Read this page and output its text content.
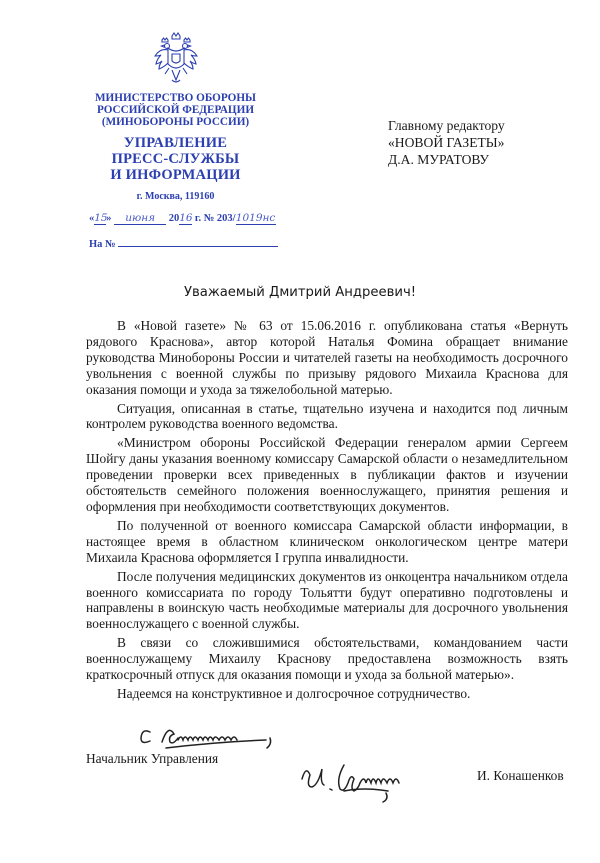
МИНИСТЕРСТВО ОБОРОНЫ
РОССИЙСКОЙ ФЕДЕРАЦИИ
(МИНОБОРОНЫ РОССИИ)
УПРАВЛЕНИЕ
ПРЕСС-СЛУЖБЫ
И ИНФОРМАЦИИ
г. Москва, 119160
«15» июня 2016 г. № 203/1019нс
На №
Главному редактору
«НОВОЙ ГАЗЕТЫ»
Д.А. МУРАТОВУ
Уважаемый Дмитрий Андреевич!

В «Новой газете» № 63 от 15.06.2016 г. опубликована статья «Вернуть рядового Краснова», автор которой Наталья Фомина обращает внимание руководства Минобороны России и читателей газеты на необходимость досрочного увольнения с военной службы по призыву рядового Михаила Краснова для оказания помощи и ухода за тяжелобольной матерью.

Ситуация, описанная в статье, тщательно изучена и находится под личным контролем руководства военного ведомства.

«Министром обороны Российской Федерации генералом армии Сергеем Шойгу даны указания военному комиссару Самарской области о незамедлительном проведении проверки всех приведенных в публикации фактов и изучении обстоятельств семейного положения военнослужащего, принятия решения и оформления при необходимости соответствующих документов.

По полученной от военного комиссара Самарской области информации, в настоящее время в областном клиническом онкологическом центре матери Михаила Краснова оформляется I группа инвалидности.

После получения медицинских документов из онкоцентра начальником отдела военного комиссариата по городу Тольятти будут оперативно подготовлены и направлены в воинскую часть необходимые материалы для досрочного увольнения военнослужащего с военной службы.

В связи со сложившимися обстоятельствами, командованием части военнослужащему Михаилу Краснову предоставлена возможность взять краткосрочный отпуск для оказания помощи и ухода за больной матерью».

Надеемся на конструктивное и долгосрочное сотрудничество.

Начальник Управления
И. Конашенков
